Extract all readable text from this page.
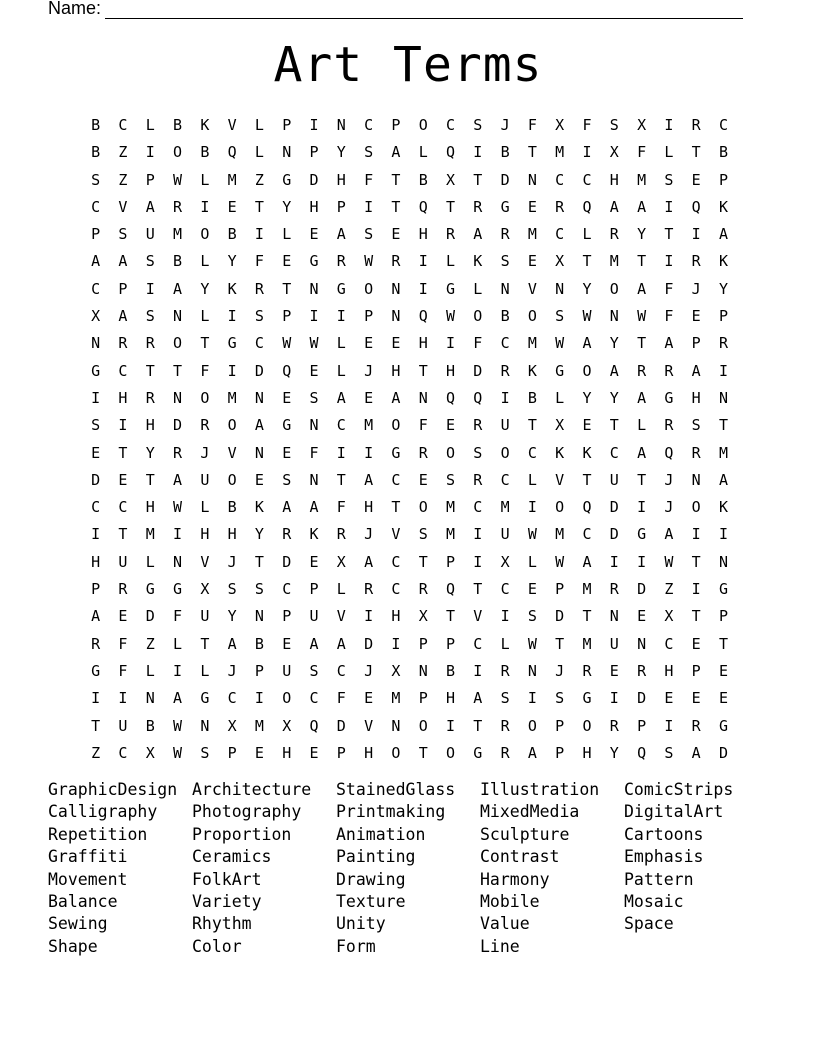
Name:
Art Terms
B	C	L	B	K	V	L	P	I	N	C	P	O	C	S	J	F	X	F	S	X	I	R	C
B	Z	I	O	B	Q	L	N	P	Y	S	A	L	Q	I	B	T	M	I	X	F	L	T	B
S	Z	P	W	L	M	Z	G	D	H	F	T	B	X	T	D	N	C	C	H	M	S	E	P
C	V	A	R	I	E	T	Y	H	P	I	T	Q	T	R	G	E	R	Q	A	A	I	Q	K
P	S	U	M	O	B	I	L	E	A	S	E	H	R	A	R	M	C	L	R	Y	T	I	A
A	A	S	B	L	Y	F	E	G	R	W	R	I	L	K	S	E	X	T	M	T	I	R	K
C	P	I	A	Y	K	R	T	N	G	O	N	I	G	L	N	V	N	Y	O	A	F	J	Y
X	A	S	N	L	I	S	P	I	I	P	N	Q	W	O	B	O	S	W	N	W	F	E	P
N	R	R	O	T	G	C	W	W	L	E	E	H	I	F	C	M	W	A	Y	T	A	P	R
G	C	T	T	F	I	D	Q	E	L	J	H	T	H	D	R	K	G	O	A	R	R	A	I
I	H	R	N	O	M	N	E	S	A	E	A	N	Q	Q	I	B	L	Y	Y	A	G	H	N
S	I	H	D	R	O	A	G	N	C	M	O	F	E	R	U	T	X	E	T	L	R	S	T
E	T	Y	R	J	V	N	E	F	I	I	G	R	O	S	O	C	K	K	C	A	Q	R	M
D	E	T	A	U	O	E	S	N	T	A	C	E	S	R	C	L	V	T	U	T	J	N	A
C	C	H	W	L	B	K	A	A	F	H	T	O	M	C	M	I	O	Q	D	I	J	O	K
I	T	M	I	H	H	Y	R	K	R	J	V	S	M	I	U	W	M	C	D	G	A	I	I
H	U	L	N	V	J	T	D	E	X	A	C	T	P	I	X	L	W	A	I	I	W	T	N
P	R	G	G	X	S	S	C	P	L	R	C	R	Q	T	C	E	P	M	R	D	Z	I	G
A	E	D	F	U	Y	N	P	U	V	I	H	X	T	V	I	S	D	T	N	E	X	T	P
R	F	Z	L	T	A	B	E	A	A	D	I	P	P	C	L	W	T	M	U	N	C	E	T
G	F	L	I	L	J	P	U	S	C	J	X	N	B	I	R	N	J	R	E	R	H	P	E
I	I	N	A	G	C	I	O	C	F	E	M	P	H	A	S	I	S	G	I	D	E	E	E
T	U	B	W	N	X	M	X	Q	D	V	N	O	I	T	R	O	P	O	R	P	I	R	G
Z	C	X	W	S	P	E	H	E	P	H	O	T	O	G	R	A	P	H	Y	Q	S	A	D
GraphicDesign Architecture	StainedGlass	Illustration	ComicStrips
Calligraphy	Photography	Printmaking	MixedMedia	DigitalArt
Repetition	Proportion	Animation	Sculpture	Cartoons
Graffiti	Ceramics	Painting	Contrast	Emphasis
Movement	FolkArt	Drawing	Harmony	Pattern
Balance	Variety	Texture	Mobile	Mosaic
Sewing	Rhythm	Unity	Value	Space
Shape	Color	Form	Line
